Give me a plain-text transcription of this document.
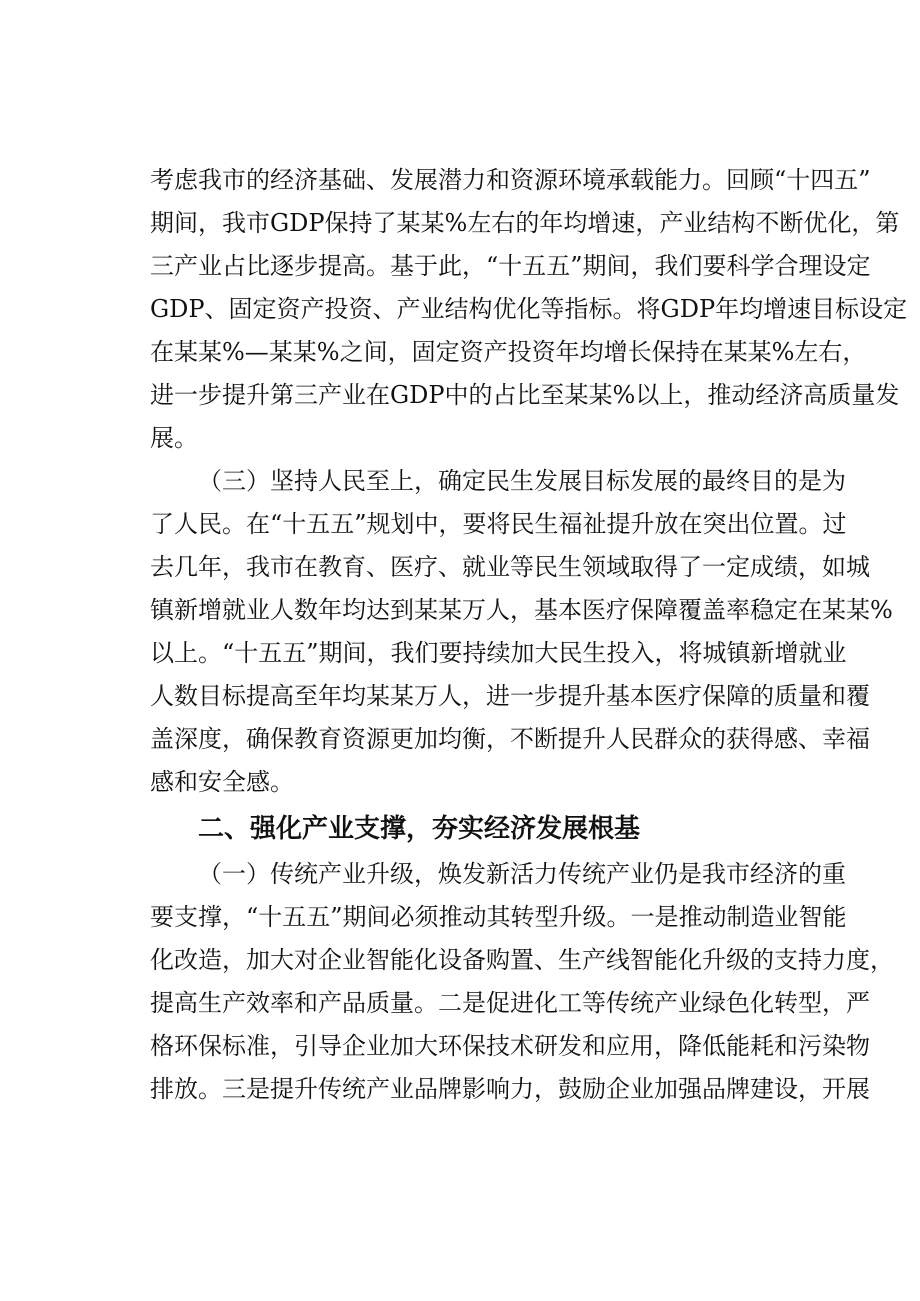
考虑我市的经济基础、发展潜力和资源环境承载能力。回顾“十四五”
期间，我市GDP保持了某某%左右的年均增速，产业结构不断优化，第
三产业占比逐步提高。基于此，“十五五”期间，我们要科学合理设定
GDP、固定资产投资、产业结构优化等指标。将GDP年均增速目标设定
在某某%—某某%之间，固定资产投资年均增长保持在某某%左右，
进一步提升第三产业在GDP中的占比至某某%以上，推动经济高质量发
展。
（三）坚持人民至上，确定民生发展目标发展的最终目的是为
了人民。在“十五五”规划中，要将民生福祉提升放在突出位置。过
去几年，我市在教育、医疗、就业等民生领域取得了一定成绩，如城
镇新增就业人数年均达到某某万人，基本医疗保障覆盖率稳定在某某%
以上。“十五五”期间，我们要持续加大民生投入，将城镇新增就业
人数目标提高至年均某某万人，进一步提升基本医疗保障的质量和覆
盖深度，确保教育资源更加均衡，不断提升人民群众的获得感、幸福
感和安全感。
二、强化产业支撑，夯实经济发展根基
（一）传统产业升级，焕发新活力传统产业仍是我市经济的重
要支撑，“十五五”期间必须推动其转型升级。一是推动制造业智能
化改造，加大对企业智能化设备购置、生产线智能化升级的支持力度，
提高生产效率和产品质量。二是促进化工等传统产业绿色化转型，严
格环保标准，引导企业加大环保技术研发和应用，降低能耗和污染物
排放。三是提升传统产业品牌影响力，鼓励企业加强品牌建设，开展
